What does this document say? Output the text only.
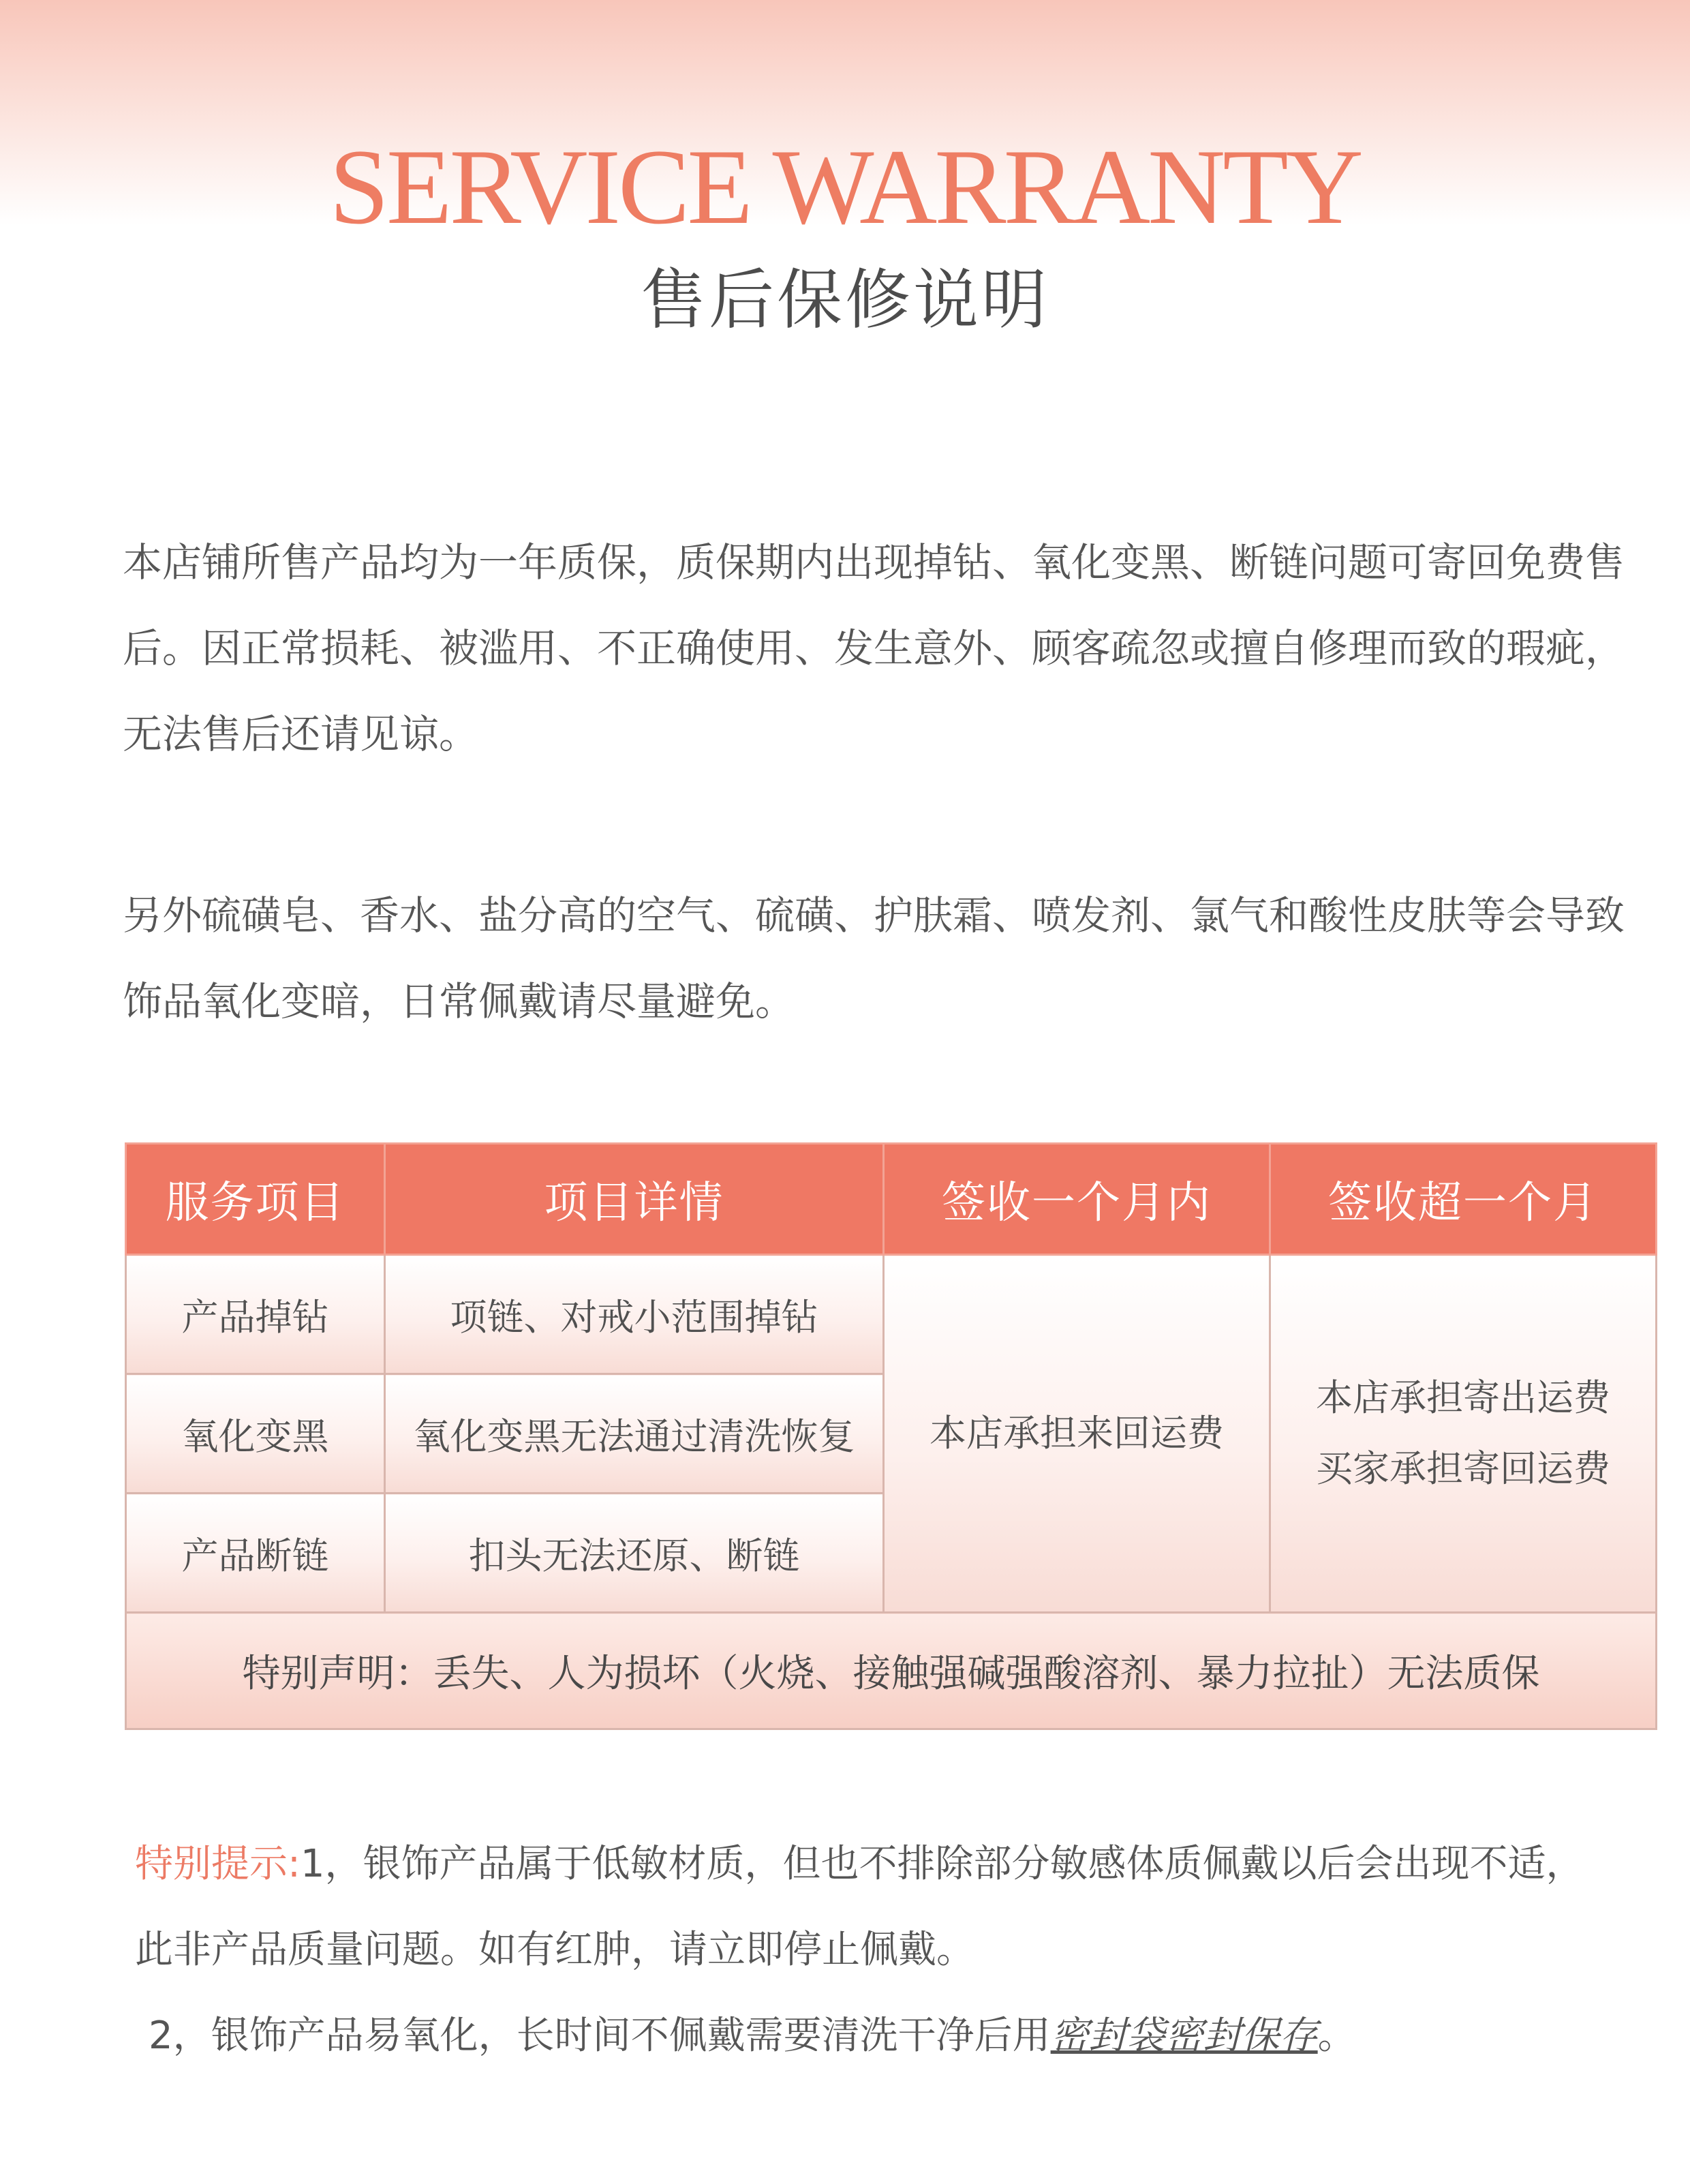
SERVICE WARRANTY
售后保修说明

本店铺所售产品均为一年质保，质保期内出现掉钻、氧化变黑、断链问题可寄回免费售后。因正常损耗、被滥用、不正确使用、发生意外、顾客疏忽或擅自修理而致的瑕疵，无法售后还请见谅。

另外硫磺皂、香水、盐分高的空气、硫磺、护肤霜、喷发剂、氯气和酸性皮肤等会导致饰品氧化变暗，日常佩戴请尽量避免。

服务项目	项目详情	签收一个月内	签收超一个月
产品掉钻	项链、对戒小范围掉钻	本店承担来回运费	本店承担寄出运费
买家承担寄回运费

氧化变黑	氧化变黑无法通过清洗恢复		
产品断链	扣头无法还原、断链		
特别声明：丢失、人为损坏（火烧、接触强碱强酸溶剂、暴力拉扯）无法质保			
特别提示:1，银饰产品属于低敏材质，但也不排除部分敏感体质佩戴以后会出现不适，
此非产品质量问题。如有红肿，请立即停止佩戴。
2，银饰产品易氧化，长时间不佩戴需要清洗干净后用密封袋密封保存。
